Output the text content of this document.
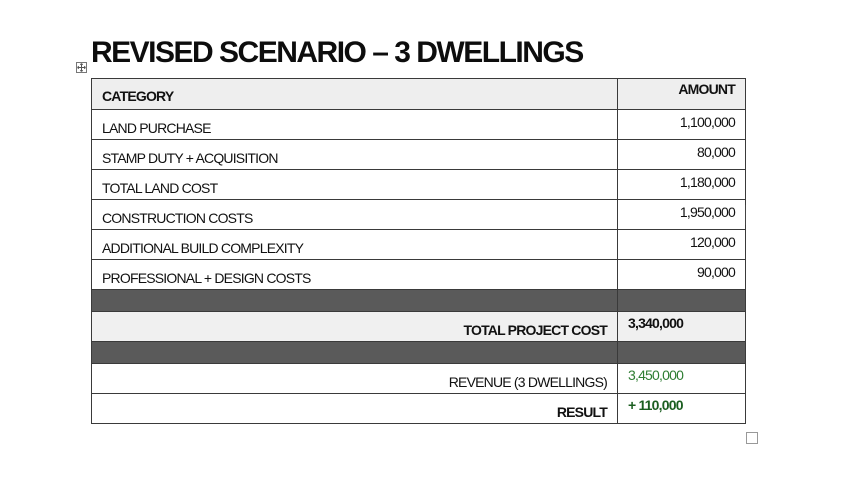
REVISED SCENARIO – 3 DWELLINGS
CATEGORY	AMOUNT
LAND PURCHASE	1,100,000
STAMP DUTY + ACQUISITION	80,000
TOTAL LAND COST	1,180,000
CONSTRUCTION COSTS	1,950,000
ADDITIONAL BUILD COMPLEXITY	120,000
PROFESSIONAL + DESIGN COSTS	90,000

TOTAL PROJECT COST	3,340,000

REVENUE (3 DWELLINGS)	3,450,000
RESULT	+ 110,000
